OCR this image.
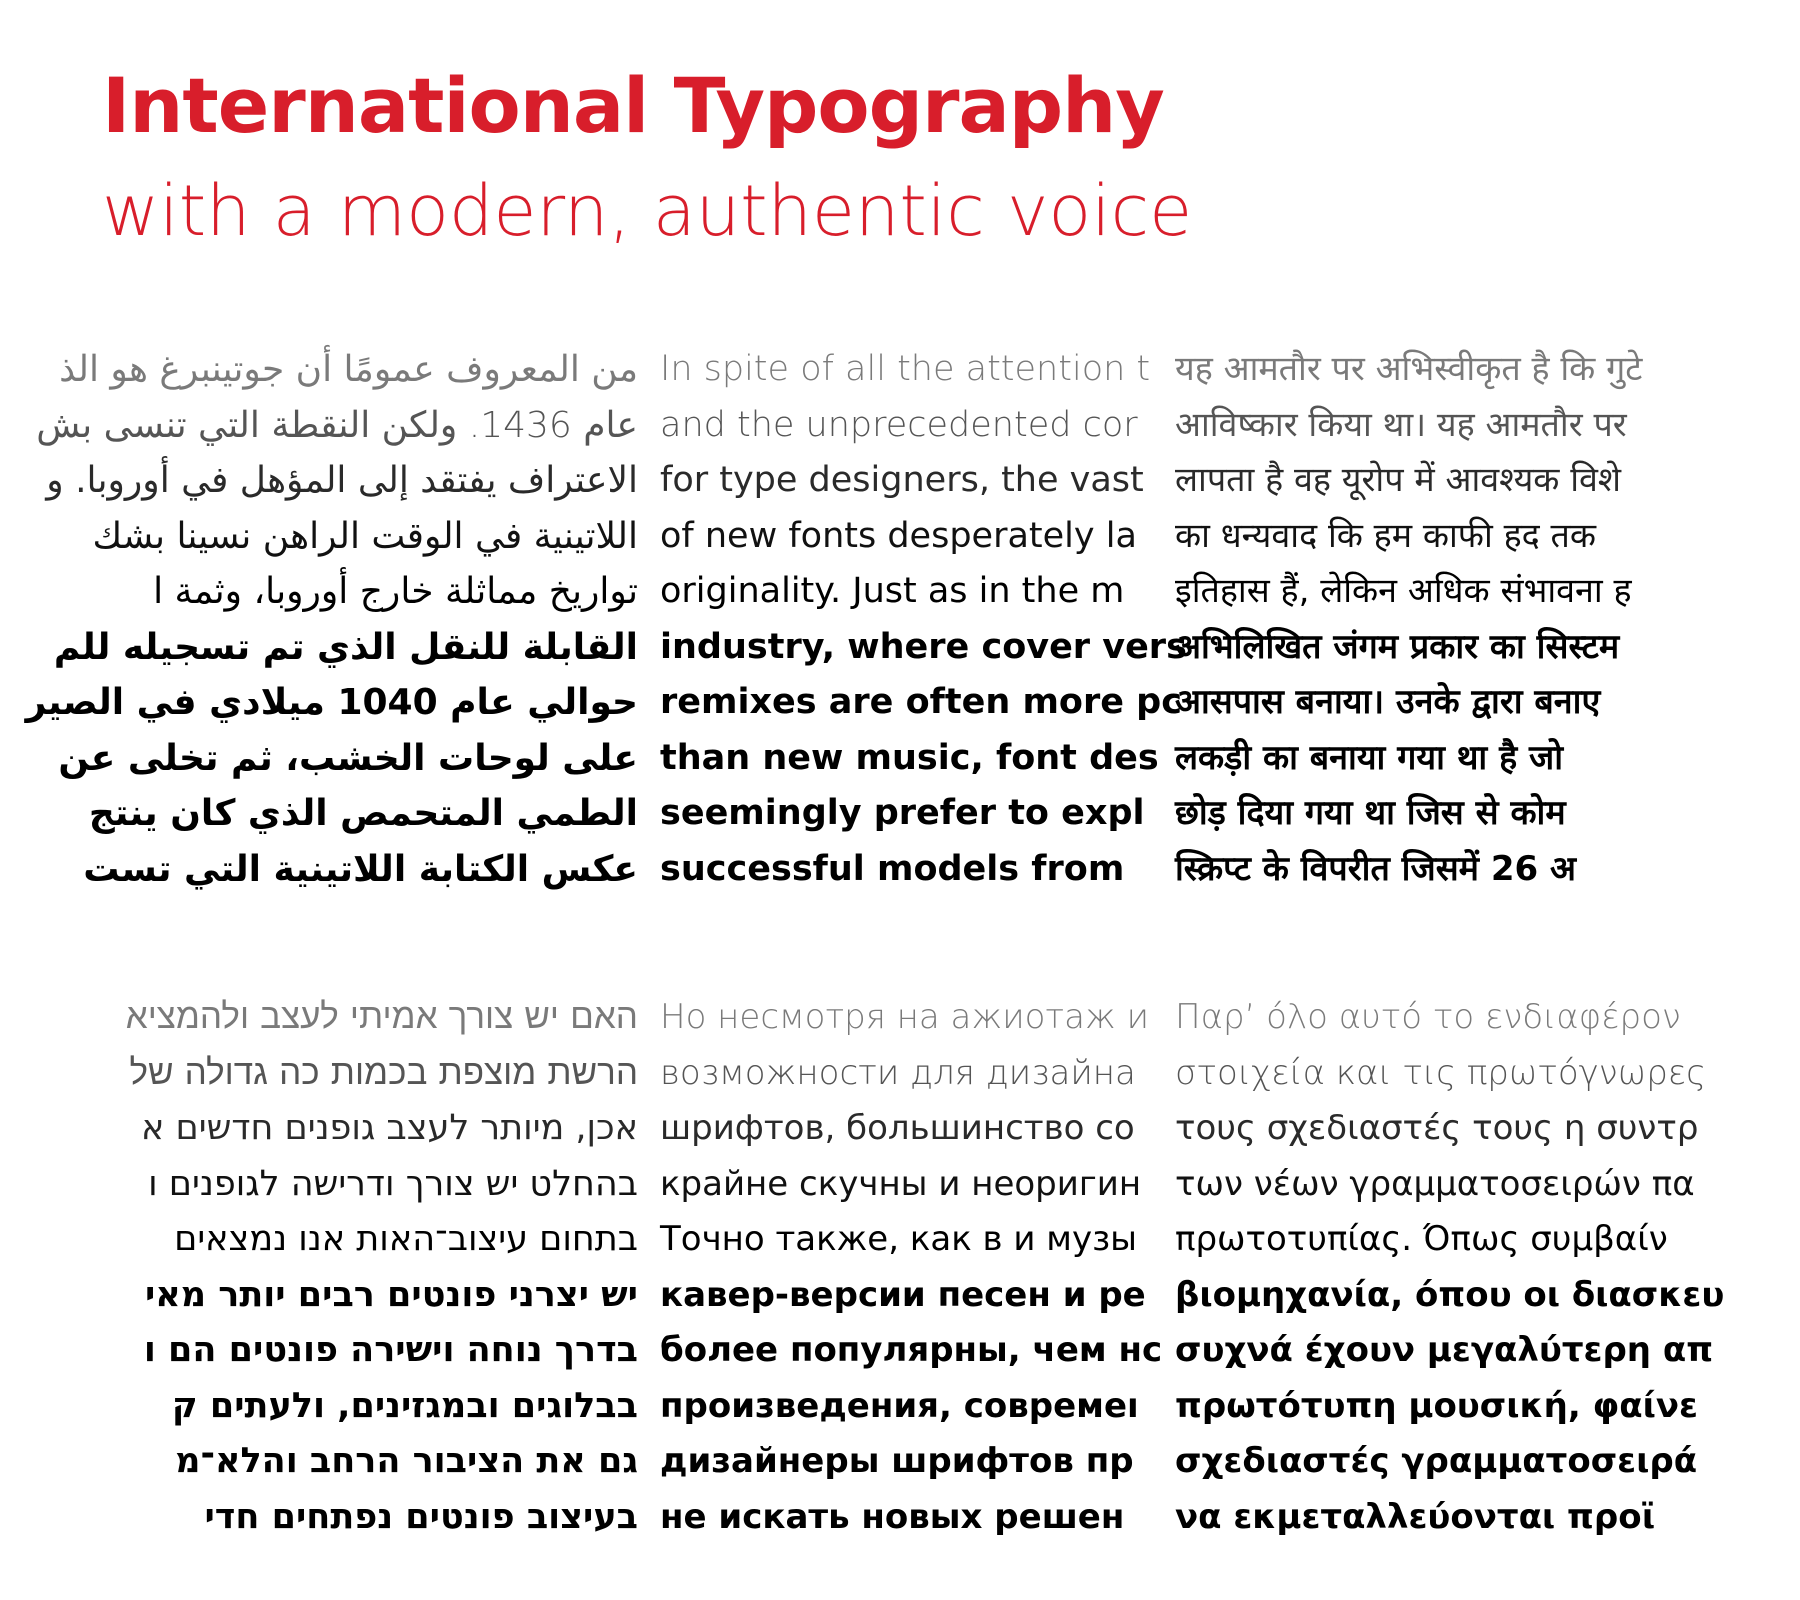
International Typography

with a modern, authentic voice

من المعروف عمومًا أن جوتينبرغ هو الذ
عام 1436. ولكن النقطة التي تنسى بش
الاعتراف يفتقد إلى المؤهل في أوروبا. و
اللاتينية في الوقت الراهن نسينا بشك
تواريخ مماثلة خارج أوروبا، وثمة ا
القابلة للنقل الذي تم تسجيله للم
حوالي عام 1040 ميلادي في الصير
على لوحات الخشب، ثم تخلى عن
الطمي المتحمص الذي كان ينتج
عكس الكتابة اللاتينية التي تست
In spite of all the attention t
and the unprecedented cor
for type designers, the vast
of new fonts desperately la
originality. Just as in the m
industry, where cover vers
remixes are often more pc
than new music, font des
seemingly prefer to expl
successful models from
यह आमतौर पर अभिस्वीकृत है कि गुटे
आविष्कार किया था। यह आमतौर पर
लापता है वह यूरोप में आवश्यक विशे
का धन्यवाद कि हम काफी हद तक
इतिहास हैं, लेकिन अधिक संभावना ह
अभिलिखित जंगम प्रकार का सिस्टम
आसपास बनाया। उनके द्वारा बनाए
लकड़ी का बनाया गया था है जो
छोड़ दिया गया था जिस से कोम
स्क्रिप्ट के विपरीत जिसमें 26 अ
האם יש צורך אמיתי לעצב ולהמציא
הרשת מוצפת בכמות כה גדולה של
אכן, מיותר לעצב גופנים חדשים א
בהחלט יש צורך ודרישה לגופנים ו
בתחום עיצוב־האות אנו נמצאים
יש יצרני פונטים רבים יותר מאי
בדרך נוחה וישירה פונטים הם ו
בבלוגים ובמגזינים, ולעתים ק
גם את הציבור הרחב והלא־מ
בעיצוב פונטים נפתחים חדי
Но несмотря на ажиотаж и
возможности для дизайна
шрифтов, большинство со
крайне скучны и неоригин
Точно также, как в и музы
кавер-версии песен и ре
более популярны, чем нс
произведения, совремеı
дизайнеры шрифтов пр
не искать новых решен
Παρ’ όλο αυτό το ενδιαφέρον
στοιχεία και τις πρωτόγνωρες
τους σχεδιαστές τους η συντρ
των νέων γραμματοσειρών πα
πρωτοτυπίας. Όπως συμβαίν
βιομηχανία, όπου οι διασκευ
συχνά έχουν μεγαλύτερη απ
πρωτότυπη μουσική, φαίνε
σχεδιαστές γραμματοσειρά
να εκμεταλλεύονται προϊ
